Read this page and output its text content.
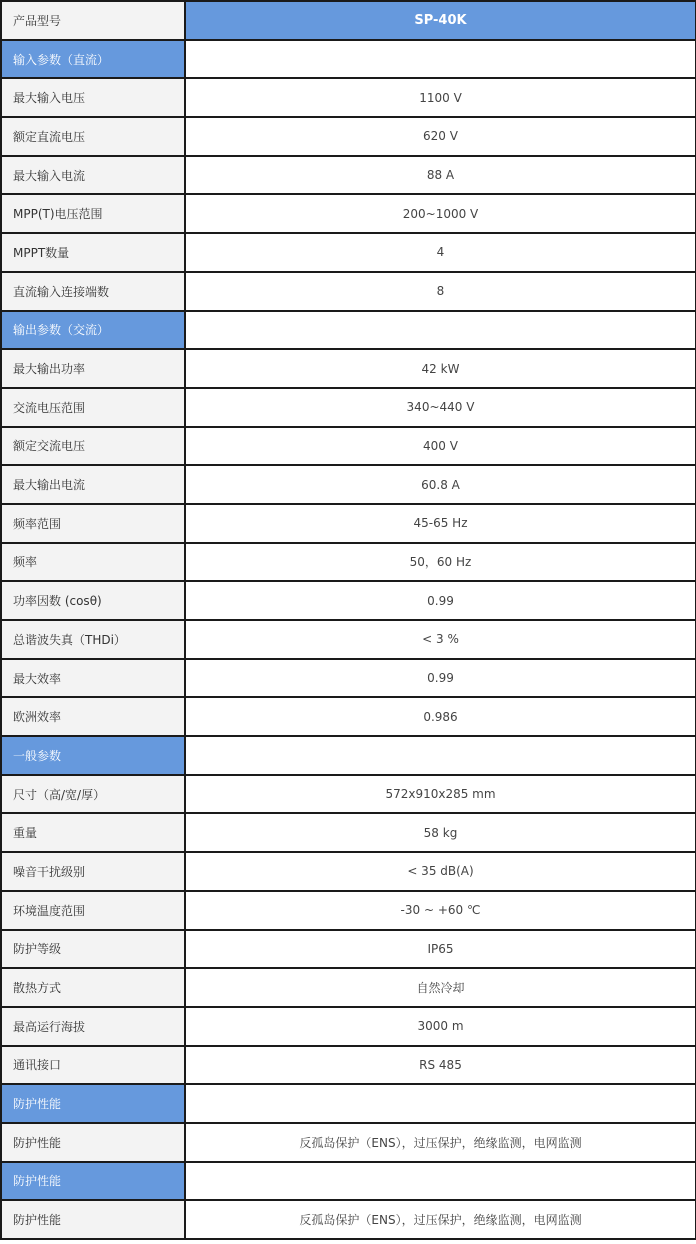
产品型号	SP-40K
输入参数（直流）	
最大输入电压	1100 V
额定直流电压	620 V
最大输入电流	88 A
MPP(T)电压范围	200~1000 V
MPPT数量	4
直流输入连接端数	8
输出参数（交流）	
最大输出功率	42 kW
交流电压范围	340~440 V
额定交流电压	400 V
最大输出电流	60.8 A
频率范围	45-65 Hz
频率	50，60 Hz
功率因数 (cosθ)	0.99
总谐波失真（THDi）	< 3 %
最大效率	0.99
欧洲效率	0.986
一般参数	
尺寸（高/宽/厚）	572x910x285 mm
重量	58 kg
噪音干扰级别	< 35 dB(A)
环境温度范围	-30 ~ +60 ℃
防护等级	IP65
散热方式	自然冷却
最高运行海拔	3000 m
通讯接口	RS 485
防护性能	
防护性能	反孤岛保护（ENS），过压保护，绝缘监测，电网监测
防护性能	
防护性能	反孤岛保护（ENS），过压保护，绝缘监测，电网监测
